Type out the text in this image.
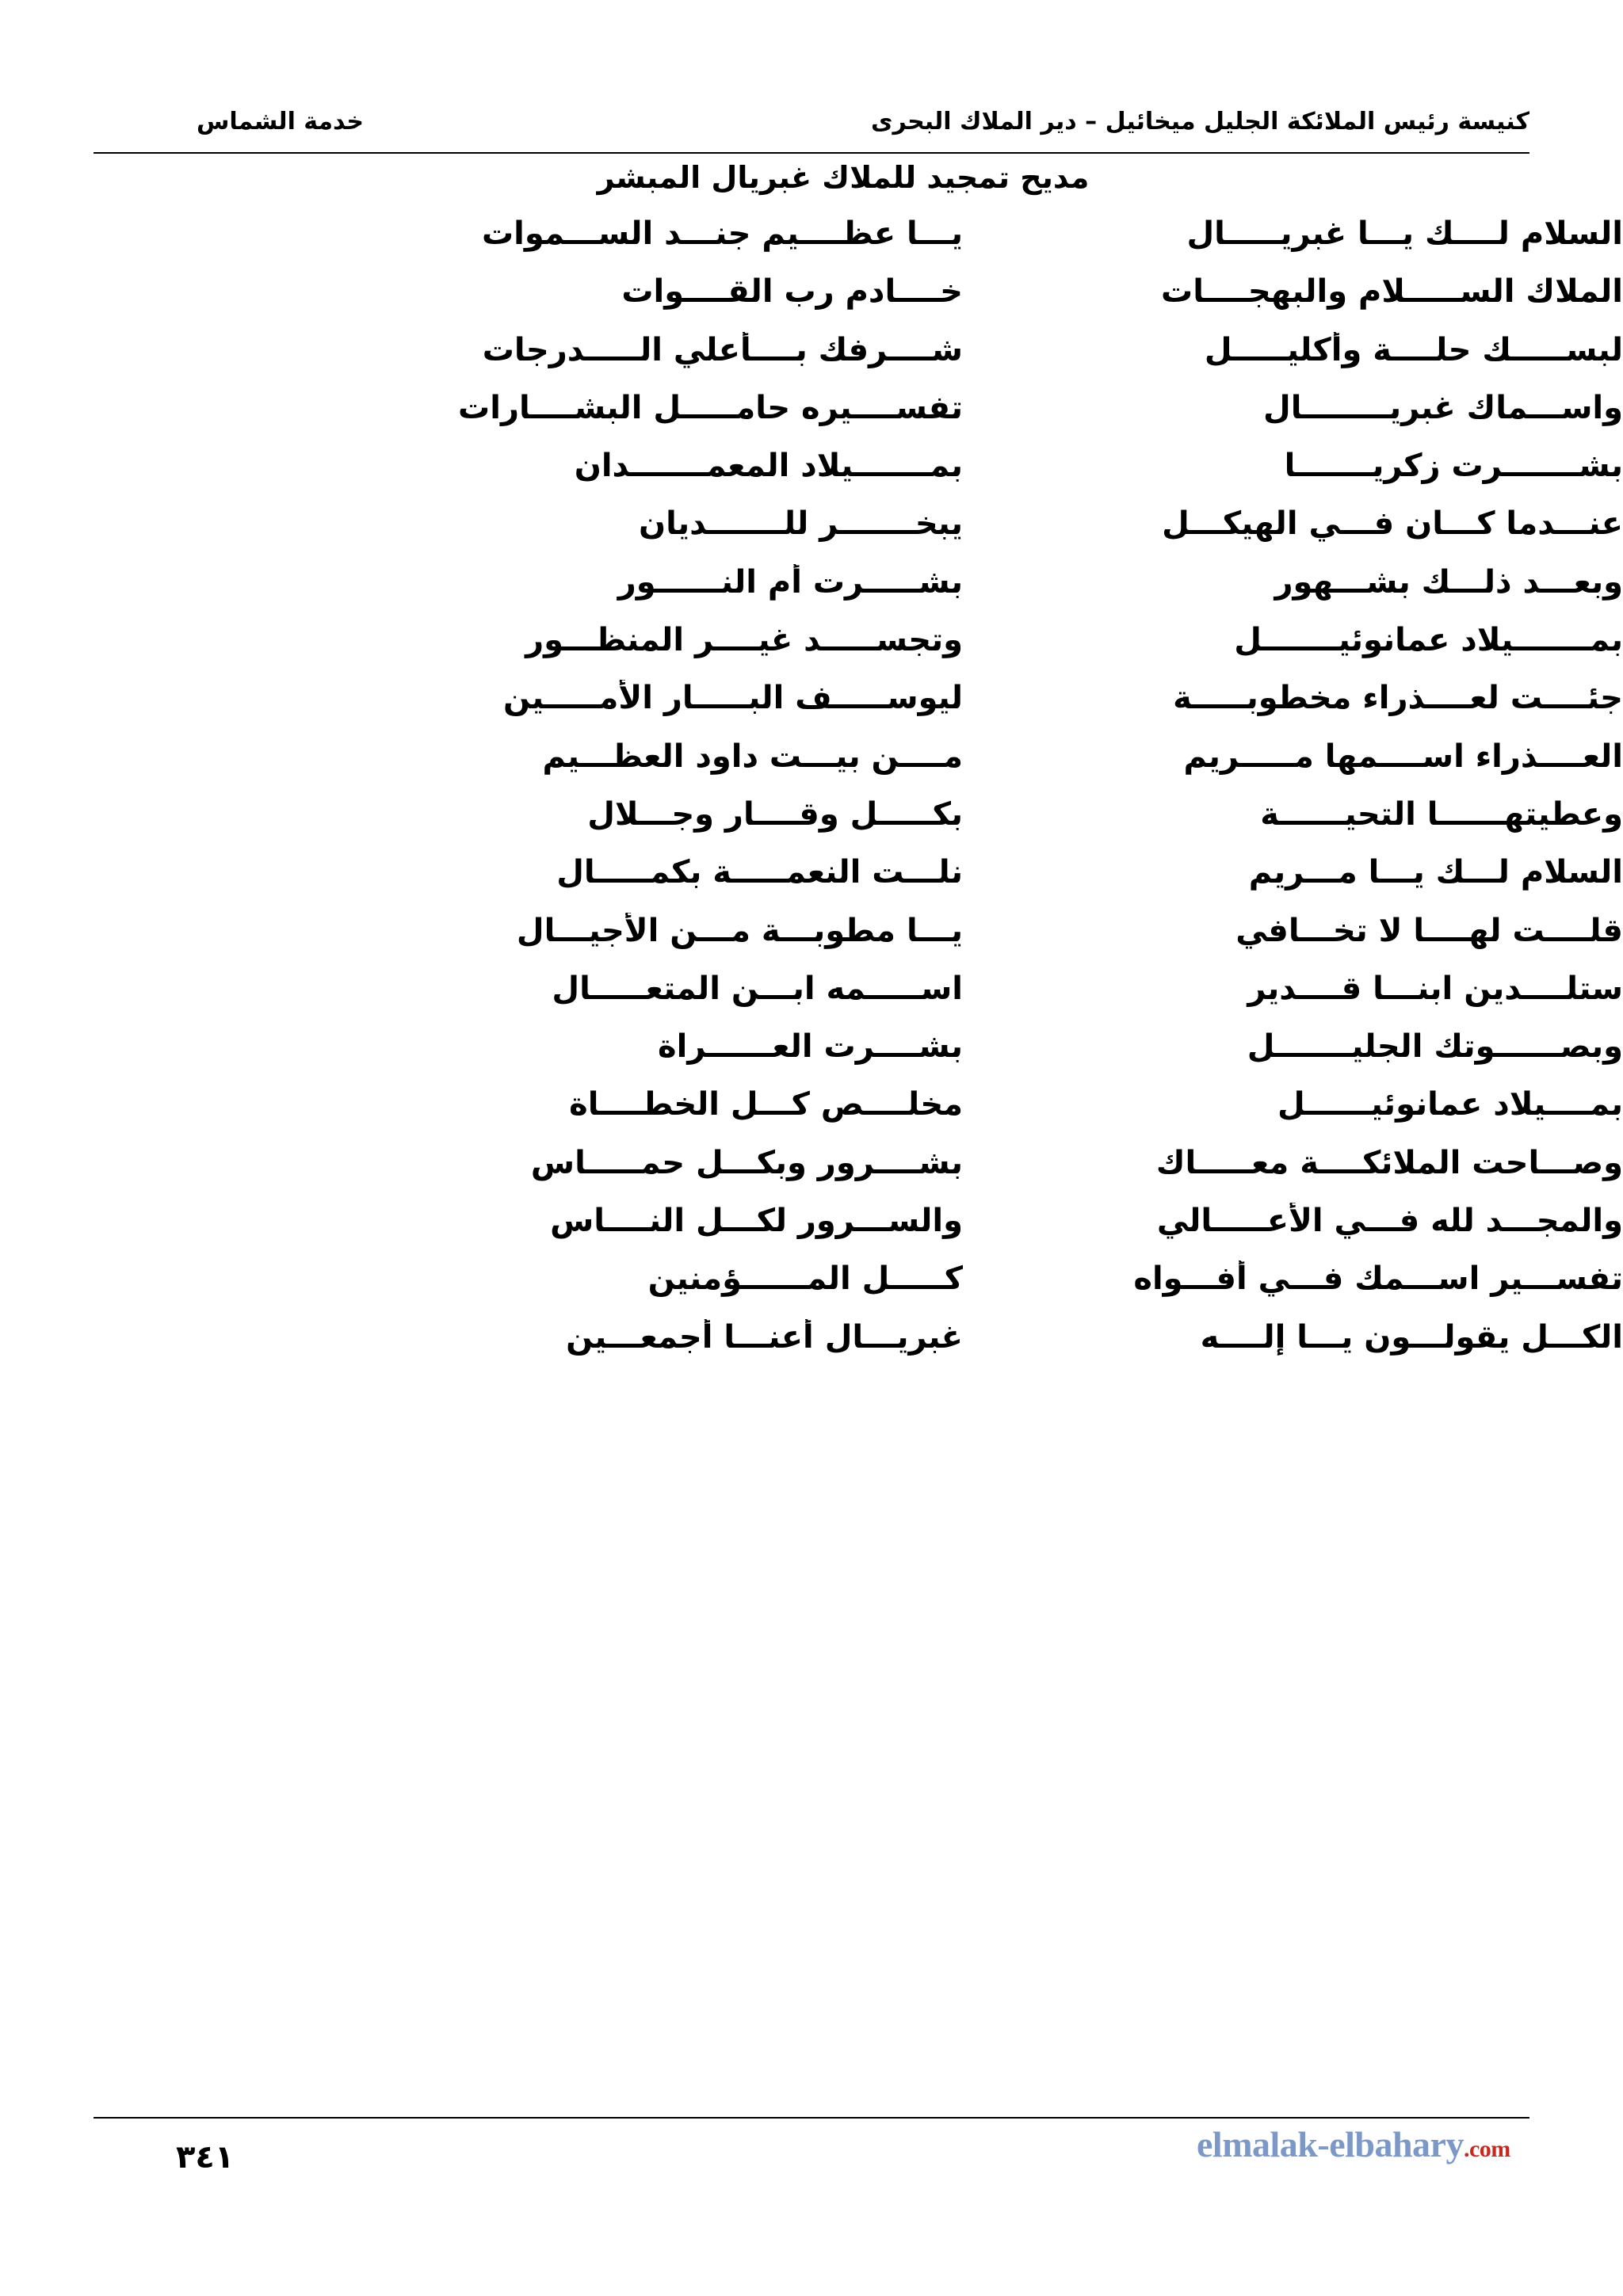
كنيسة رئيس الملائكة الجليل ميخائيل – دير الملاك البحرى
خدمة الشماس
مديح تمجيد للملاك غبريال المبشر
السلام لــــك يـــا غبريـــــال
يـــا عظــــيم جنـــد الســـموات
الملاك الســـــلام والبهجــــات
خــــادم رب القــــوات
لبســـــك حلــــة وأكليـــــل
شــــرفك بــــأعلي الـــــدرجات
واســـماك غبريــــــــال
تفســــيره حامـــــل البشــــارات
بشـــــــرت زكريـــــــا
بمـــــــيلاد المعمـــــــدان
عنـــدما كـــان فـــي الهيكـــل
يبخـــــــر للـــــــديان
وبعـــد ذلـــك بشـــهور
بشـــــرت أم النــــــور
بمـــــــيلاد عمانوئيـــــــل
وتجســـــد غيــــر المنظـــور
جئــــت لعــــذراء مخطوبـــــة
ليوســـــف البـــــار الأمـــــين
العــــذراء اســــمها مـــــريم
مــــن بيـــت داود العظـــيم
وعطيتهــــــا التحيــــــة
بكـــــل وقــــار وجـــلال
السلام لـــك يـــا مـــريم
نلـــت النعمـــــة بكمـــــال
قلــــت لهــــا لا تخـــافي
يـــا مطوبـــة مـــن الأجيـــال
ستلــــدين ابنـــا قــــدير
اســـــمه ابـــن المتعـــــال
وبصــــــوتك الجليـــــــل
بشــــرت العــــــراة
بمــــيلاد عمانوئيــــــل
مخلــــص كـــل الخطــــاة
وصـــاحت الملائكــــة معـــــاك
بشــــرور وبكـــل حمـــــاس
والمجـــد لله فـــي الأعـــــالي
والســـرور لكـــل النــــاس
تفســـير اســـمك فـــي أفـــواه
كـــــل المــــــؤمنين
الكـــل يقولـــون يـــا إلــــه
غبريـــال أعنـــا أجمعـــين
٣٤١	elmalak-elbahary.com
